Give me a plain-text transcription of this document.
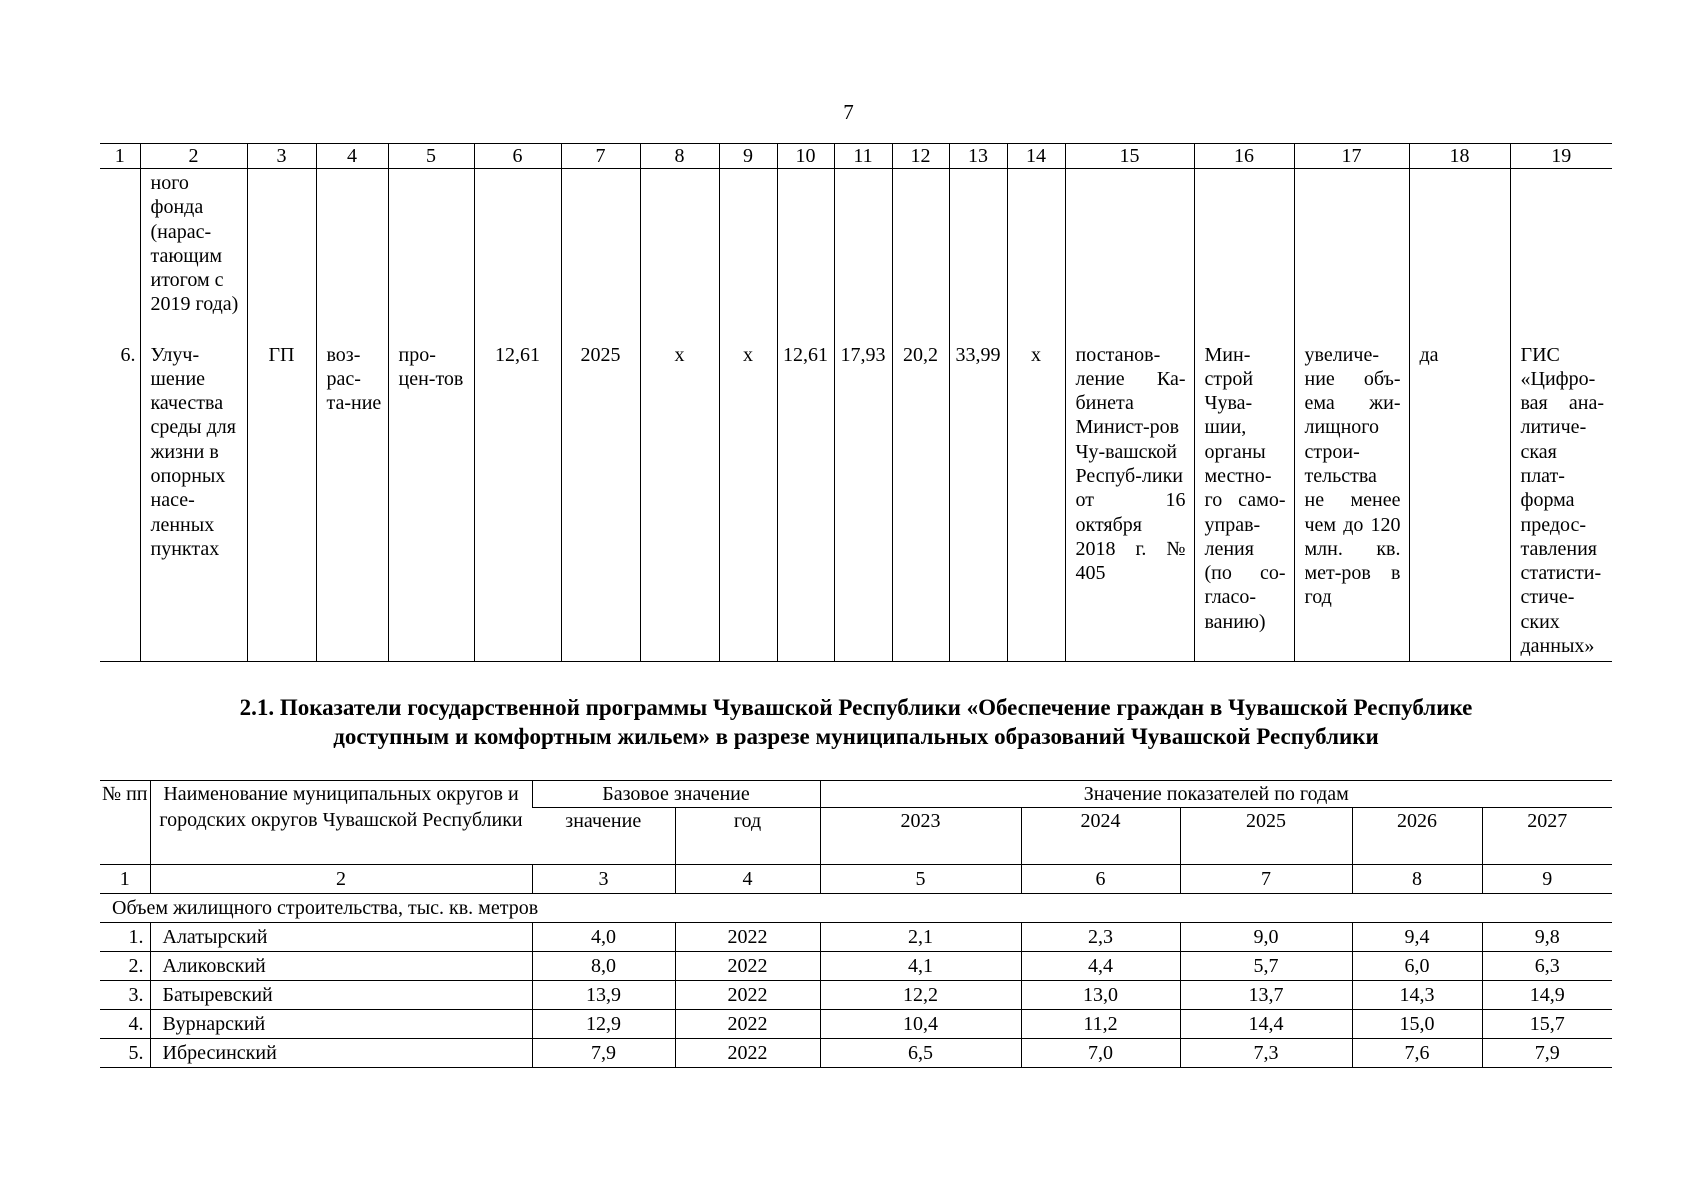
7
1	2	3	4	5	6	7	8	9	10	11	12	13	14	15	16	17	18	19
	ного фонда (нарас-тающим итогом с 2019 года)																	
6.	Улуч-шение качества среды для жизни в опорных насе-ленных пунктах	ГП	воз-рас-та-ние	про-цен-тов	12,61	2025	х	х	12,61	17,93	20,2	33,99	х	постанов-ление Ка-бинета Минист-ров Чу-вашской Респуб-лики от 16 октября 2018 г. № 405	Мин-строй Чува-шии, органы местно-го само-управ-ления (по со-гласо-ванию)	увеличе-ние объ-ема жи-лищного строи-тельства не менее чем до 120 млн. кв. мет-ров в год	да	ГИС «Цифро-вая ана-литиче-ская плат-форма предос-тавления статисти-стиче-ских данных»
2.1. Показатели государственной программы Чувашской Республики «Обеспечение граждан в Чувашской Республике
доступным и комфортным жильем» в разрезе муниципальных образований Чувашской Республики
№ пп	Наименование муниципальных округов и городских округов Чувашской Республики	Базовое значение		Значение показателей по годам				
		значение	год	2023	2024	2025	2026	2027
1	2	3	4	5	6	7	8	9
Объем жилищного строительства, тыс. кв. метров								
1.	Алатырский	4,0	2022	2,1	2,3	9,0	9,4	9,8
2.	Аликовский	8,0	2022	4,1	4,4	5,7	6,0	6,3
3.	Батыревский	13,9	2022	12,2	13,0	13,7	14,3	14,9
4.	Вурнарский	12,9	2022	10,4	11,2	14,4	15,0	15,7
5.	Ибресинский	7,9	2022	6,5	7,0	7,3	7,6	7,9
